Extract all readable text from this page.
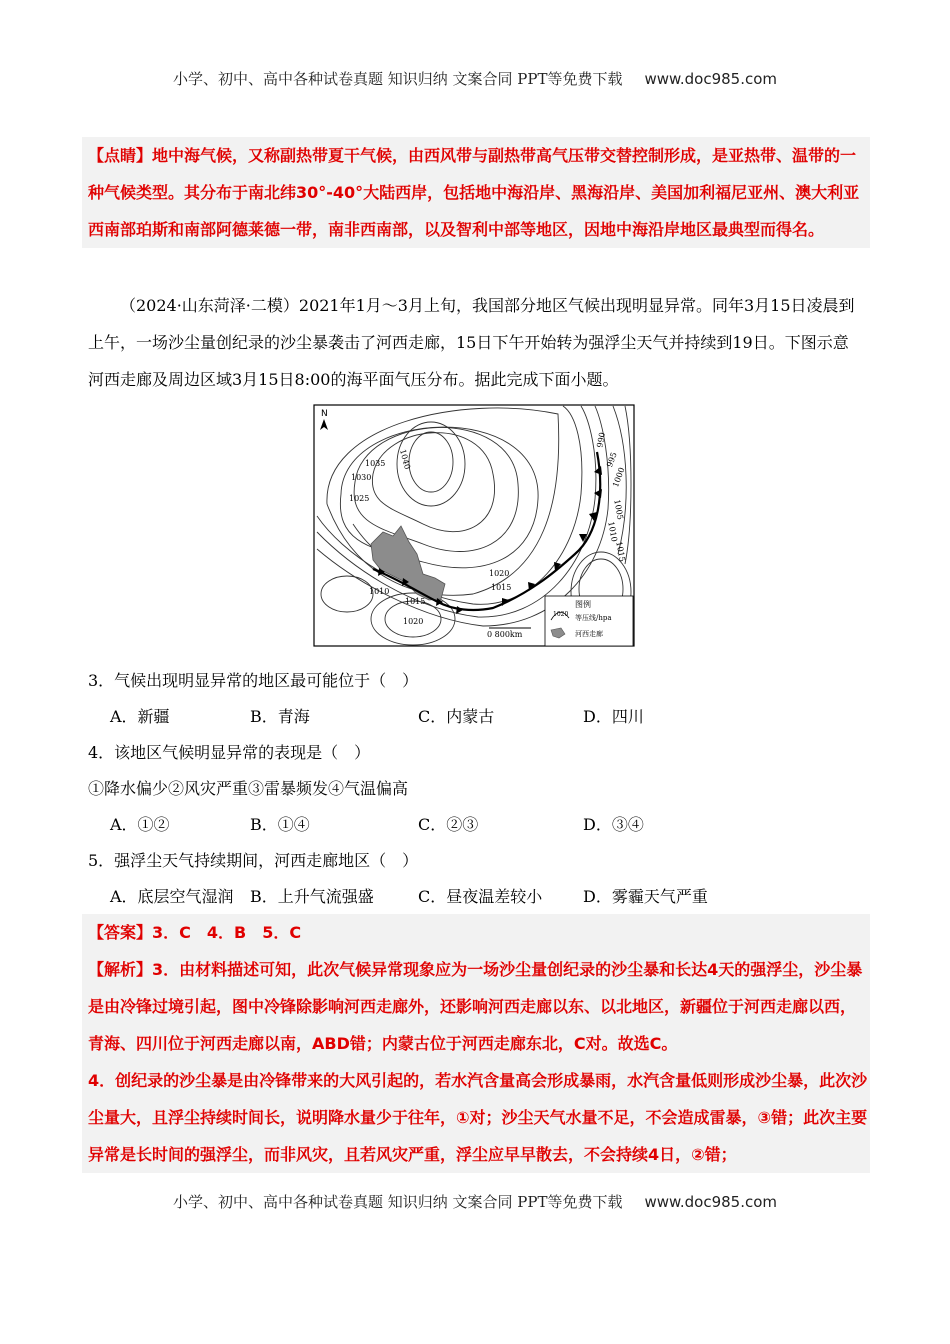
小学、初中、高中各种试卷真题 知识归纳 文案合同 PPT等免费下载 www.doc985.com
【点睛】地中海气候，又称副热带夏干气候，由西风带与副热带高气压带交替控制形成，是亚热带、温带的一种气候类型。其分布于南北纬30°-40°大陆西岸，包括地中海沿岸、黑海沿岸、美国加利福尼亚州、澳大利亚西南部珀斯和南部阿德莱德一带，南非西南部，以及智利中部等地区，因地中海沿岸地区最典型而得名。
（2024·山东菏泽·二模）2021年1月～3月上旬，我国部分地区气候出现明显异常。同年3月15日凌晨到上午，一场沙尘量创纪录的沙尘暴袭击了河西走廊，15日下午开始转为强浮尘天气并持续到19日。下图示意河西走廊及周边区域3月15日8:00的海平面气压分布。据此完成下面小题。
1040
1035
1030
1025
1020
1015
1010
1015
1020
1010
1005
1000
995
990
1015
N
0 800km
图例
1020 等压线/hpa
河西走廊
3．气候出现明显异常的地区最可能位于（　）
A．新疆	B．青海	C．内蒙古	D．四川
4．该地区气候明显异常的表现是（　）
①降水偏少②风灾严重③雷暴频发④气温偏高
A．①②	B．①④	C．②③	D．③④
5．强浮尘天气持续期间，河西走廊地区（　）
A．底层空气湿润 B．上升气流强盛	C．昼夜温差较小	D．雾霾天气严重
【答案】3．C　4．B　5．C
【解析】3．由材料描述可知，此次气候异常现象应为一场沙尘量创纪录的沙尘暴和长达4天的强浮尘，沙尘暴是由冷锋过境引起，图中冷锋除影响河西走廊外，还影响河西走廊以东、以北地区，新疆位于河西走廊以西，青海、四川位于河西走廊以南，ABD错；内蒙古位于河西走廊东北，C对。故选C。
4．创纪录的沙尘暴是由冷锋带来的大风引起的，若水汽含量高会形成暴雨，水汽含量低则形成沙尘暴，此次沙尘量大，且浮尘持续时间长，说明降水量少于往年，①对；沙尘天气水量不足，不会造成雷暴，③错；此次主要异常是长时间的强浮尘，而非风灾，且若风灾严重，浮尘应早早散去，不会持续4日，②错；
小学、初中、高中各种试卷真题 知识归纳 文案合同 PPT等免费下载 www.doc985.com
